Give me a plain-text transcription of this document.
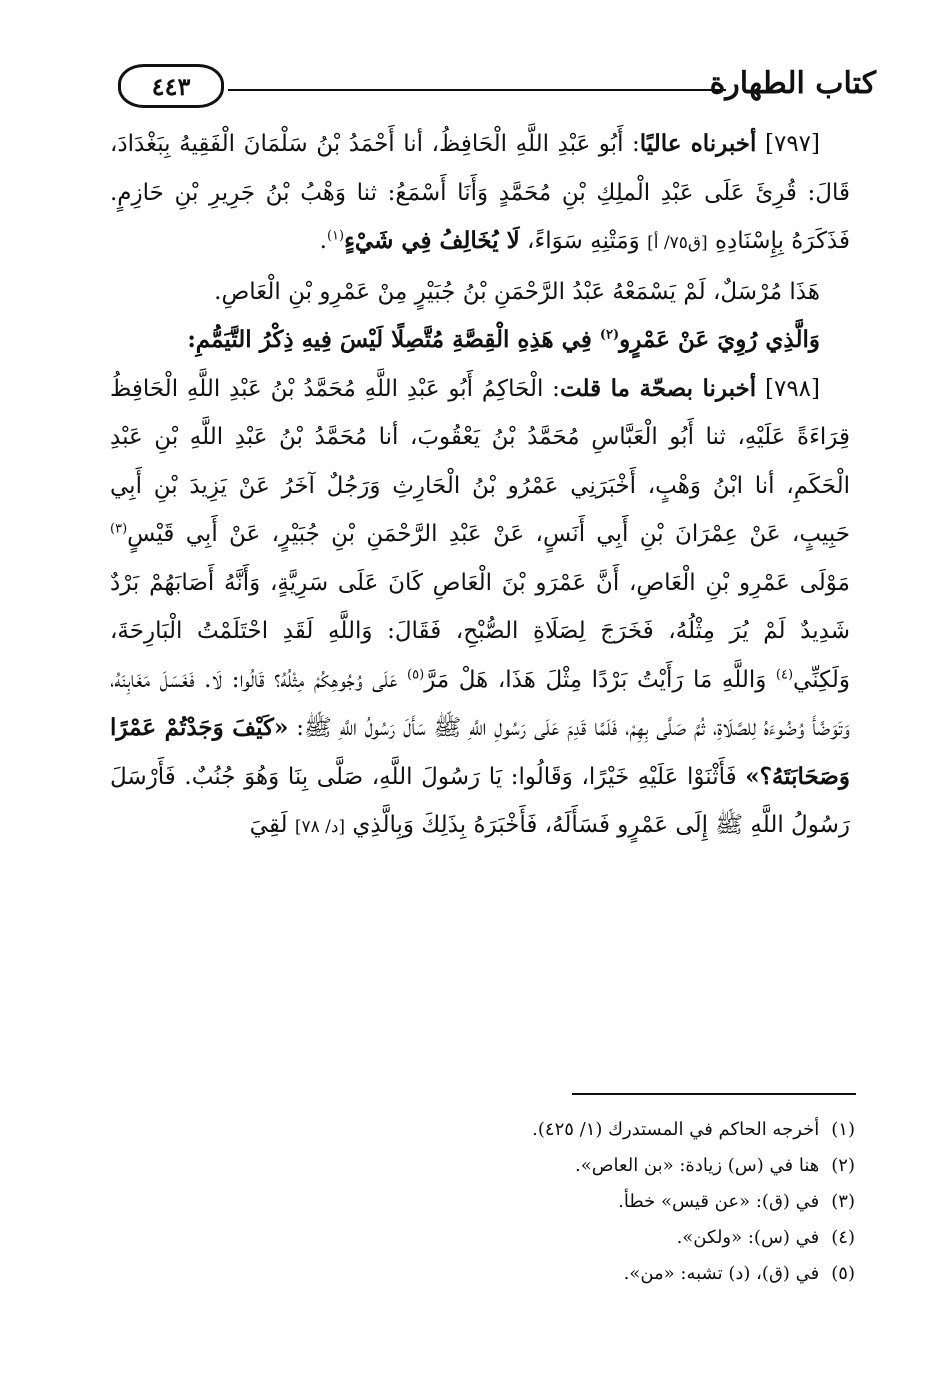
كتاب الطهارة
٤٤٣

[٧٩٧] أخبرناه عاليًا: أَبُو عَبْدِ اللَّهِ الْحَافِظُ، أنا أَحْمَدُ بْنُ سَلْمَانَ الْفَقِيهُ بِبَغْدَادَ، قَالَ: قُرِئَ عَلَى عَبْدِ الْملِكِ بْنِ مُحَمَّدٍ وَأَنَا أَسْمَعُ: ثنا وَهْبُ بْنُ جَرِيرِ بْنِ حَازِمٍ. فَذَكَرَهُ بِإِسْنَادِهِ [ق٧٥/ أ] وَمَتْنِهِ سَوَاءً، لَا يُخَالِفُ فِي شَيْءٍ$^{(١)}$.

هَذَا مُرْسَلٌ، لَمْ يَسْمَعْهُ عَبْدُ الرَّحْمَنِ بْنُ جُبَيْرٍ مِنْ عَمْرِو بْنِ الْعَاصِ.

وَالَّذِي رُوِيَ عَنْ عَمْرٍو$^{(٢)}$ فِي هَذِهِ الْقِصَّةِ مُتَّصِلًا لَيْسَ فِيهِ ذِكْرُ التَّيَمُّمِ:

[٧٩٨] أخبرنا بصحّة ما قلت: الْحَاكِمُ أَبُو عَبْدِ اللَّهِ مُحَمَّدُ بْنُ عَبْدِ اللَّهِ الْحَافِظُ قِرَاءَةً عَلَيْهِ، ثنا أَبُو الْعَبَّاسِ مُحَمَّدُ بْنُ يَعْقُوبَ، أنا مُحَمَّدُ بْنُ عَبْدِ اللَّهِ بْنِ عَبْدِ الْحَكَمِ، أنا ابْنُ وَهْبٍ، أَخْبَرَنِي عَمْرُو بْنُ الْحَارِثِ وَرَجُلٌ آخَرُ عَنْ يَزِيدَ بْنِ أَبِي حَبِيبٍ، عَنْ عِمْرَانَ بْنِ أَبِي أَنَسٍ، عَنْ عَبْدِ الرَّحْمَنِ بْنِ جُبَيْرٍ، عَنْ أَبِي قَيْسٍ$^{(٣)}$ مَوْلَى عَمْرِو بْنِ الْعَاصِ، أَنَّ عَمْرَو بْنَ الْعَاصِ كَانَ عَلَى سَرِيَّةٍ، وَأَنَّهُ أَصَابَهُمْ بَرْدٌ شَدِيدٌ لَمْ يُرَ مِثْلُهُ، فَخَرَجَ لِصَلَاةِ الصُّبْحِ، فَقَالَ: وَاللَّهِ لَقَدِ احْتَلَمْتُ الْبَارِحَةَ، وَلَكِنِّي$^{(٤)}$ وَاللَّهِ مَا رَأَيْتُ بَرْدًا مِثْلَ هَذَا، هَلْ مَرَّ$^{(٥)}$ عَلَى وُجُوهِكُمْ مِثْلُهُ؟ قَالُوا: لَا. فَغَسَلَ مَغَابِنَهُ، وَتَوَضَّأَ وُضُوءَهُ لِلصَّلَاةِ، ثُمَّ صَلَّى بِهِمْ، فَلَمَّا قَدِمَ عَلَى رَسُولِ اللَّهِ ﷺ سَأَلَ رَسُولُ اللَّهِ ﷺ: «كَيْفَ وَجَدْتُمْ عَمْرًا وَصَحَابَتَهُ؟» فَأَثْنَوْا عَلَيْهِ خَيْرًا، وَقَالُوا: يَا رَسُولَ اللَّهِ، صَلَّى بِنَا وَهُوَ جُنُبٌ. فَأَرْسَلَ رَسُولُ اللَّهِ ﷺ إِلَى عَمْرٍو فَسَأَلَهُ، فَأَخْبَرَهُ بِذَلِكَ وَبِالَّذِي [د/ ٧٨] لَقِيَ

(١)أخرجه الحاكم في المستدرك (١/ ٤٢٥).

(٢)هنا في (س) زيادة: «بن العاص».

(٣)في (ق): «عن قيس» خطأ.

(٤)في (س): «ولكن».

(٥)في (ق)، (د) تشبه: «من».
